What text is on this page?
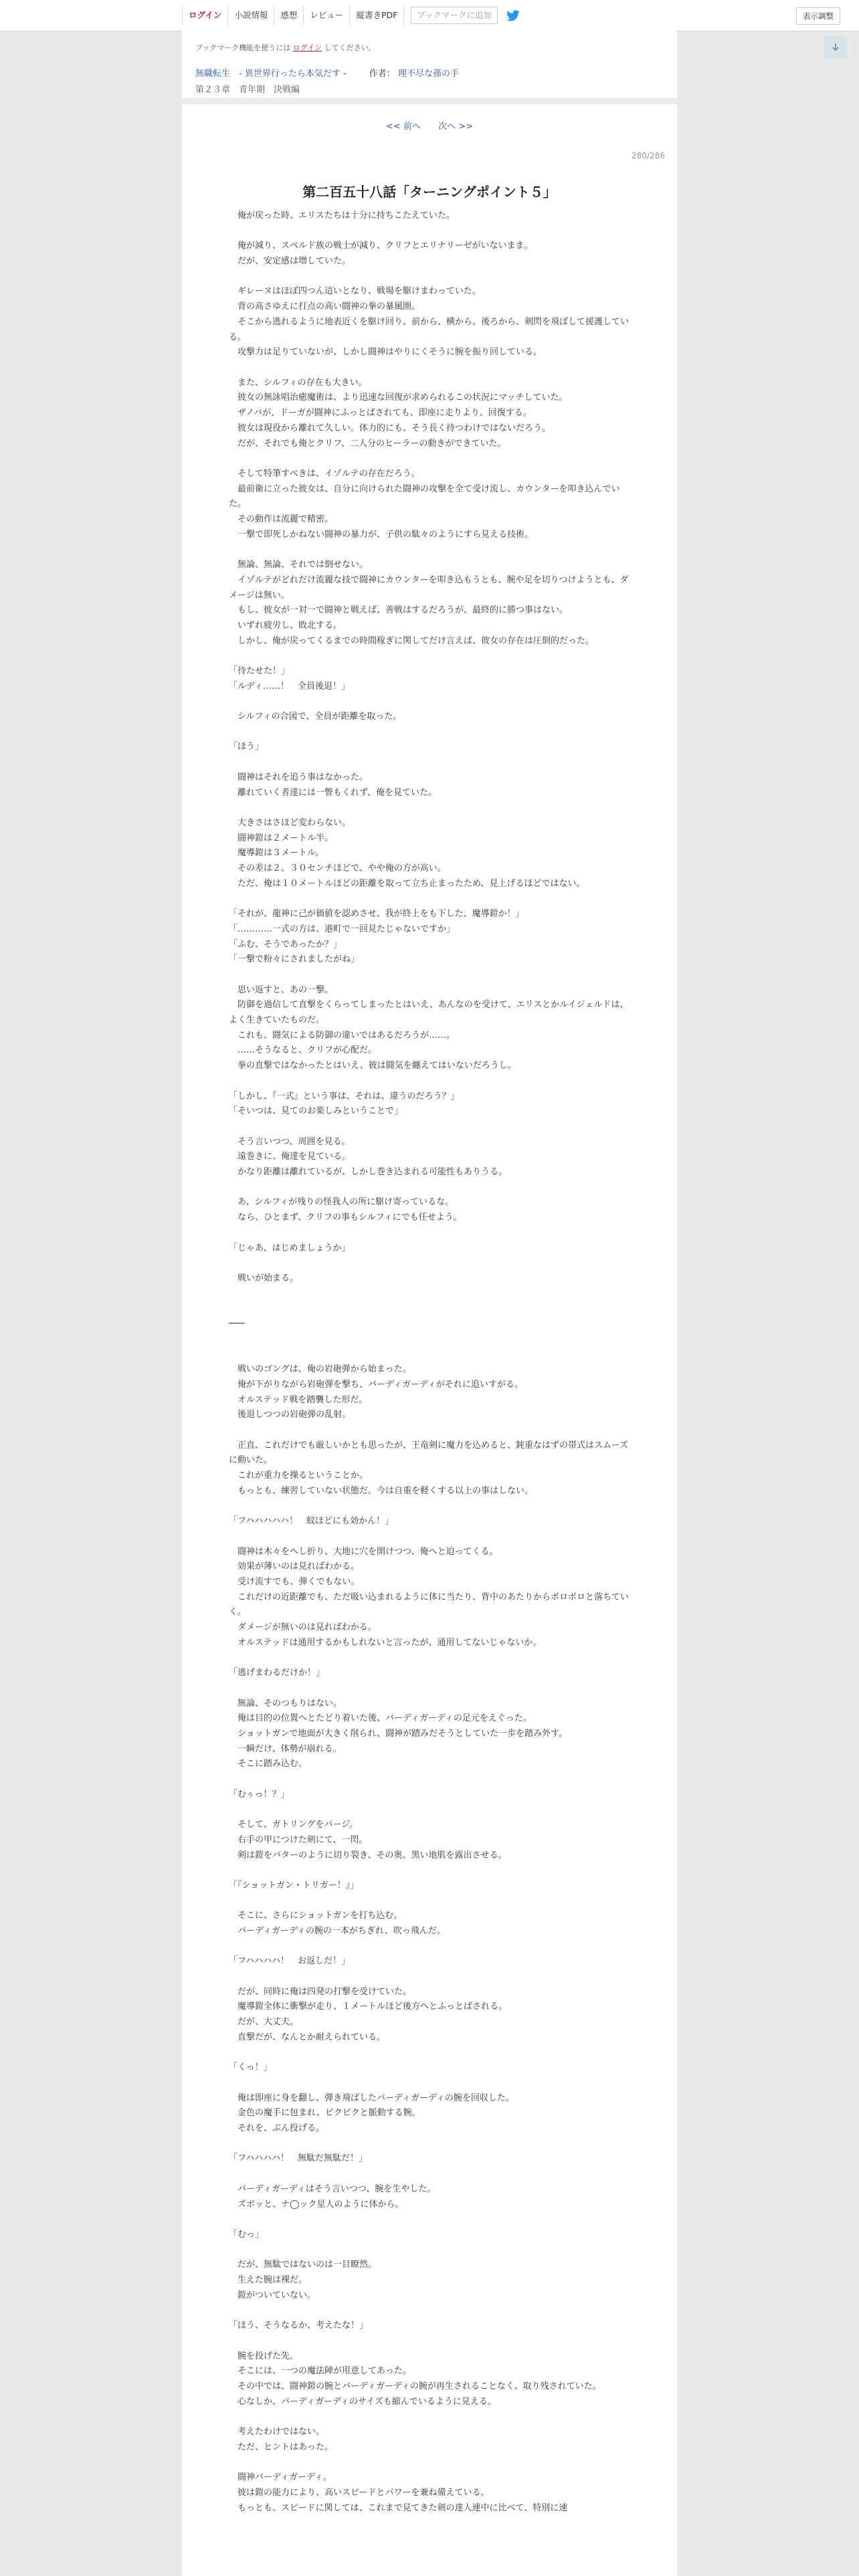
ログイン	小説情報	感想	レビュー	縦書きPDF	ブックマークに追加	表示調整
ブックマーク機能を使うには ログイン してください。
無職転生　- 異世界行ったら本気だす -	作者： 理不尽な孫の手
第２３章　青年期　決戦編
<< 前へ 次へ >>
280/286
第二百五十八話「ターニングポイント５」

　俺が戻った時、エリスたちは十分に持ちこたえていた。

　俺が減り、スペルド族の戦士が減り、クリフとエリナリーゼがいないまま。

　だが、安定感は増していた。

　ギレーヌはほぼ四つん這いとなり、戦場を駆けまわっていた。

　背の高さゆえに打点の高い闘神の拳の暴風圏。

　そこから逃れるように地表近くを駆け回り、前から、横から、後ろから、剣閃を飛ばして援護している。

　攻撃力は足りていないが、しかし闘神はやりにくそうに腕を振り回している。

　また、シルフィの存在も大きい。

　彼女の無詠唱治癒魔術は、より迅速な回復が求められるこの状況にマッチしていた。

　ザノバが、ドーガが闘神にふっとばされても、即座に走りより、回復する。

　彼女は現役から離れて久しい。体力的にも、そう長く持つわけではないだろう。

　だが、それでも俺とクリフ、二人分のヒーラーの動きができていた。

　そして特筆すべきは、イゾルテの存在だろう。

　最前衛に立った彼女は、自分に向けられた闘神の攻撃を全て受け流し、カウンターを叩き込んでいた。

　その動作は流麗で精密。

　一撃で即死しかねない闘神の暴力が、子供の駄々のようにすら見える技術。

　無論、無論、それでは倒せない。

　イゾルテがどれだけ流麗な技で闘神にカウンターを叩き込もうとも、腕や足を切りつけようとも、ダメージは無い。

　もし、彼女が一対一で闘神と戦えば、善戦はするだろうが、最終的に勝つ事はない。

　いずれ疲労し、敗北する。

　しかし、俺が戻ってくるまでの時間稼ぎに関してだけ言えば、彼女の存在は圧倒的だった。

「待たせた！」

「ルディ……！　全員後退！」

　シルフィの合図で、全員が距離を取った。

「ほう」

　闘神はそれを追う事はなかった。

　離れていく者達には一瞥もくれず、俺を見ていた。

　大きさはさほど変わらない。

　闘神鎧は２メートル半。

　魔導鎧は３メートル。

　その差は２、３０センチほどで、やや俺の方が高い。

　ただ、俺は１０メートルほどの距離を取って立ち止まったため、見上げるほどではない。

「それが、龍神に己が価値を認めさせ、我が終上をも下した、魔導鎧か！」

「…………一式の方は、港町で一回見たじゃないですか」

「ふむ、そうであったか？」

「一撃で粉々にされましたがね」

　思い返すと、あの一撃。

　防御を過信して直撃をくらってしまったとはいえ、あんなのを受けて、エリスとかルイジェルドは、よく生きていたものだ。

　これも、闘気による防御の違いではあるだろうが……。

　……そうなると、クリフが心配だ。

　拳の直撃ではなかったとはいえ、彼は闘気を纏えてはいないだろうし。

「しかし、『一式』という事は、それは、違うのだろう？」

「そいつは、見てのお楽しみということで」

　そう言いつつ、周囲を見る。

　遠巻きに、俺達を見ている。

　かなり距離は離れているが、しかし巻き込まれる可能性もありうる。

　あ、シルフィが残りの怪我人の所に駆け寄っているな。

　なら、ひとまず、クリフの事もシルフィにでも任せよう。

「じゃあ、はじめましょうか」

　戦いが始まる。

───

　戦いのゴングは、俺の岩砲弾から始まった。

　俺が下がりながら岩砲弾を撃ち、バーディガーディがそれに追いすがる。

　オルステッド戦を踏襲した形だ。

　後退しつつの岩砲弾の乱射。

　正直、これだけでも厳しいかとも思ったが、王竜剣に魔力を込めると、鈍重なはずの帯式はスムーズに動いた。

　これが重力を操るということか。

　もっとも、練習していない状態だ。今は自重を軽くする以上の事はしない。

「フハハハハハ！　蚊ほどにも効かん！」

　闘神は木々をへし折り、大地に穴を開けつつ、俺へと迫ってくる。

　効果が薄いのは見ればわかる。

　受け流すでも、弾くでもない。

　これだけの近距離でも、ただ吸い込まれるように体に当たり、背中のあたりからポロポロと落ちていく。

　ダメージが無いのは見ればわかる。

　オルステッドは通用するかもしれないと言ったが、通用してないじゃないか。

「逃げまわるだけか！」

　無論、そのつもりはない。

　俺は目的の位置へとたどり着いた後、バーディガーディの足元をえぐった。

　ショットガンで地面が大きく削られ、闘神が踏みだそうとしていた一歩を踏み外す。

　一瞬だけ、体勢が崩れる。

　そこに踏み込む。

「むぅっ！？」

　そして、ガトリングをパージ。

　右手の甲につけた剣にて、一閃。

　剣は鎧をバターのように切り裂き、その奥、黒い地肌を露出させる。

「『ショットガン・トリガー！』」

　そこに、さらにショットガンを打ち込む。

　バーディガーディの腕の一本がちぎれ、吹っ飛んだ。

「フハハハハ！　お返しだ！」

　だが、同時に俺は四発の打撃を受けていた。

　魔導鎧全体に衝撃が走り、１メートルほど後方へとふっとばされる。

　だが、大丈夫。

　直撃だが、なんとか耐えられている。

「くっ！」

　俺は即座に身を翻し、弾き飛ばしたバーディガーディの腕を回収した。

　金色の魔手に包まれ、ピクピクと脈動する腕。

　それを、ぶん投げる。

「フハハハハ！　無駄だ無駄だ！」

　バーディガーディはそう言いつつ、腕を生やした。

　ズボッと、ナ◯ック星人のように体から。

「むっ」

　だが、無駄ではないのは一目瞭然。

　生えた腕は裸だ。

　鎧がついていない。

「ほう、そうなるか、考えたな！」

　腕を投げた先。

　そこには、一つの魔法陣が用意してあった。

　その中では、闘神鎧の腕とバーディガーディの腕が再生されることなく、取り残されていた。

　心なしか、バーディガーディのサイズも縮んでいるように見える。

　考えたわけではない。

　ただ、ヒントはあった。

　闘神バーディガーディ。

　彼は鎧の能力により、高いスピードとパワーを兼ね備えている。

　もっとも、スピードに関しては、これまで見てきた剣の達人連中に比べて、特別に速
